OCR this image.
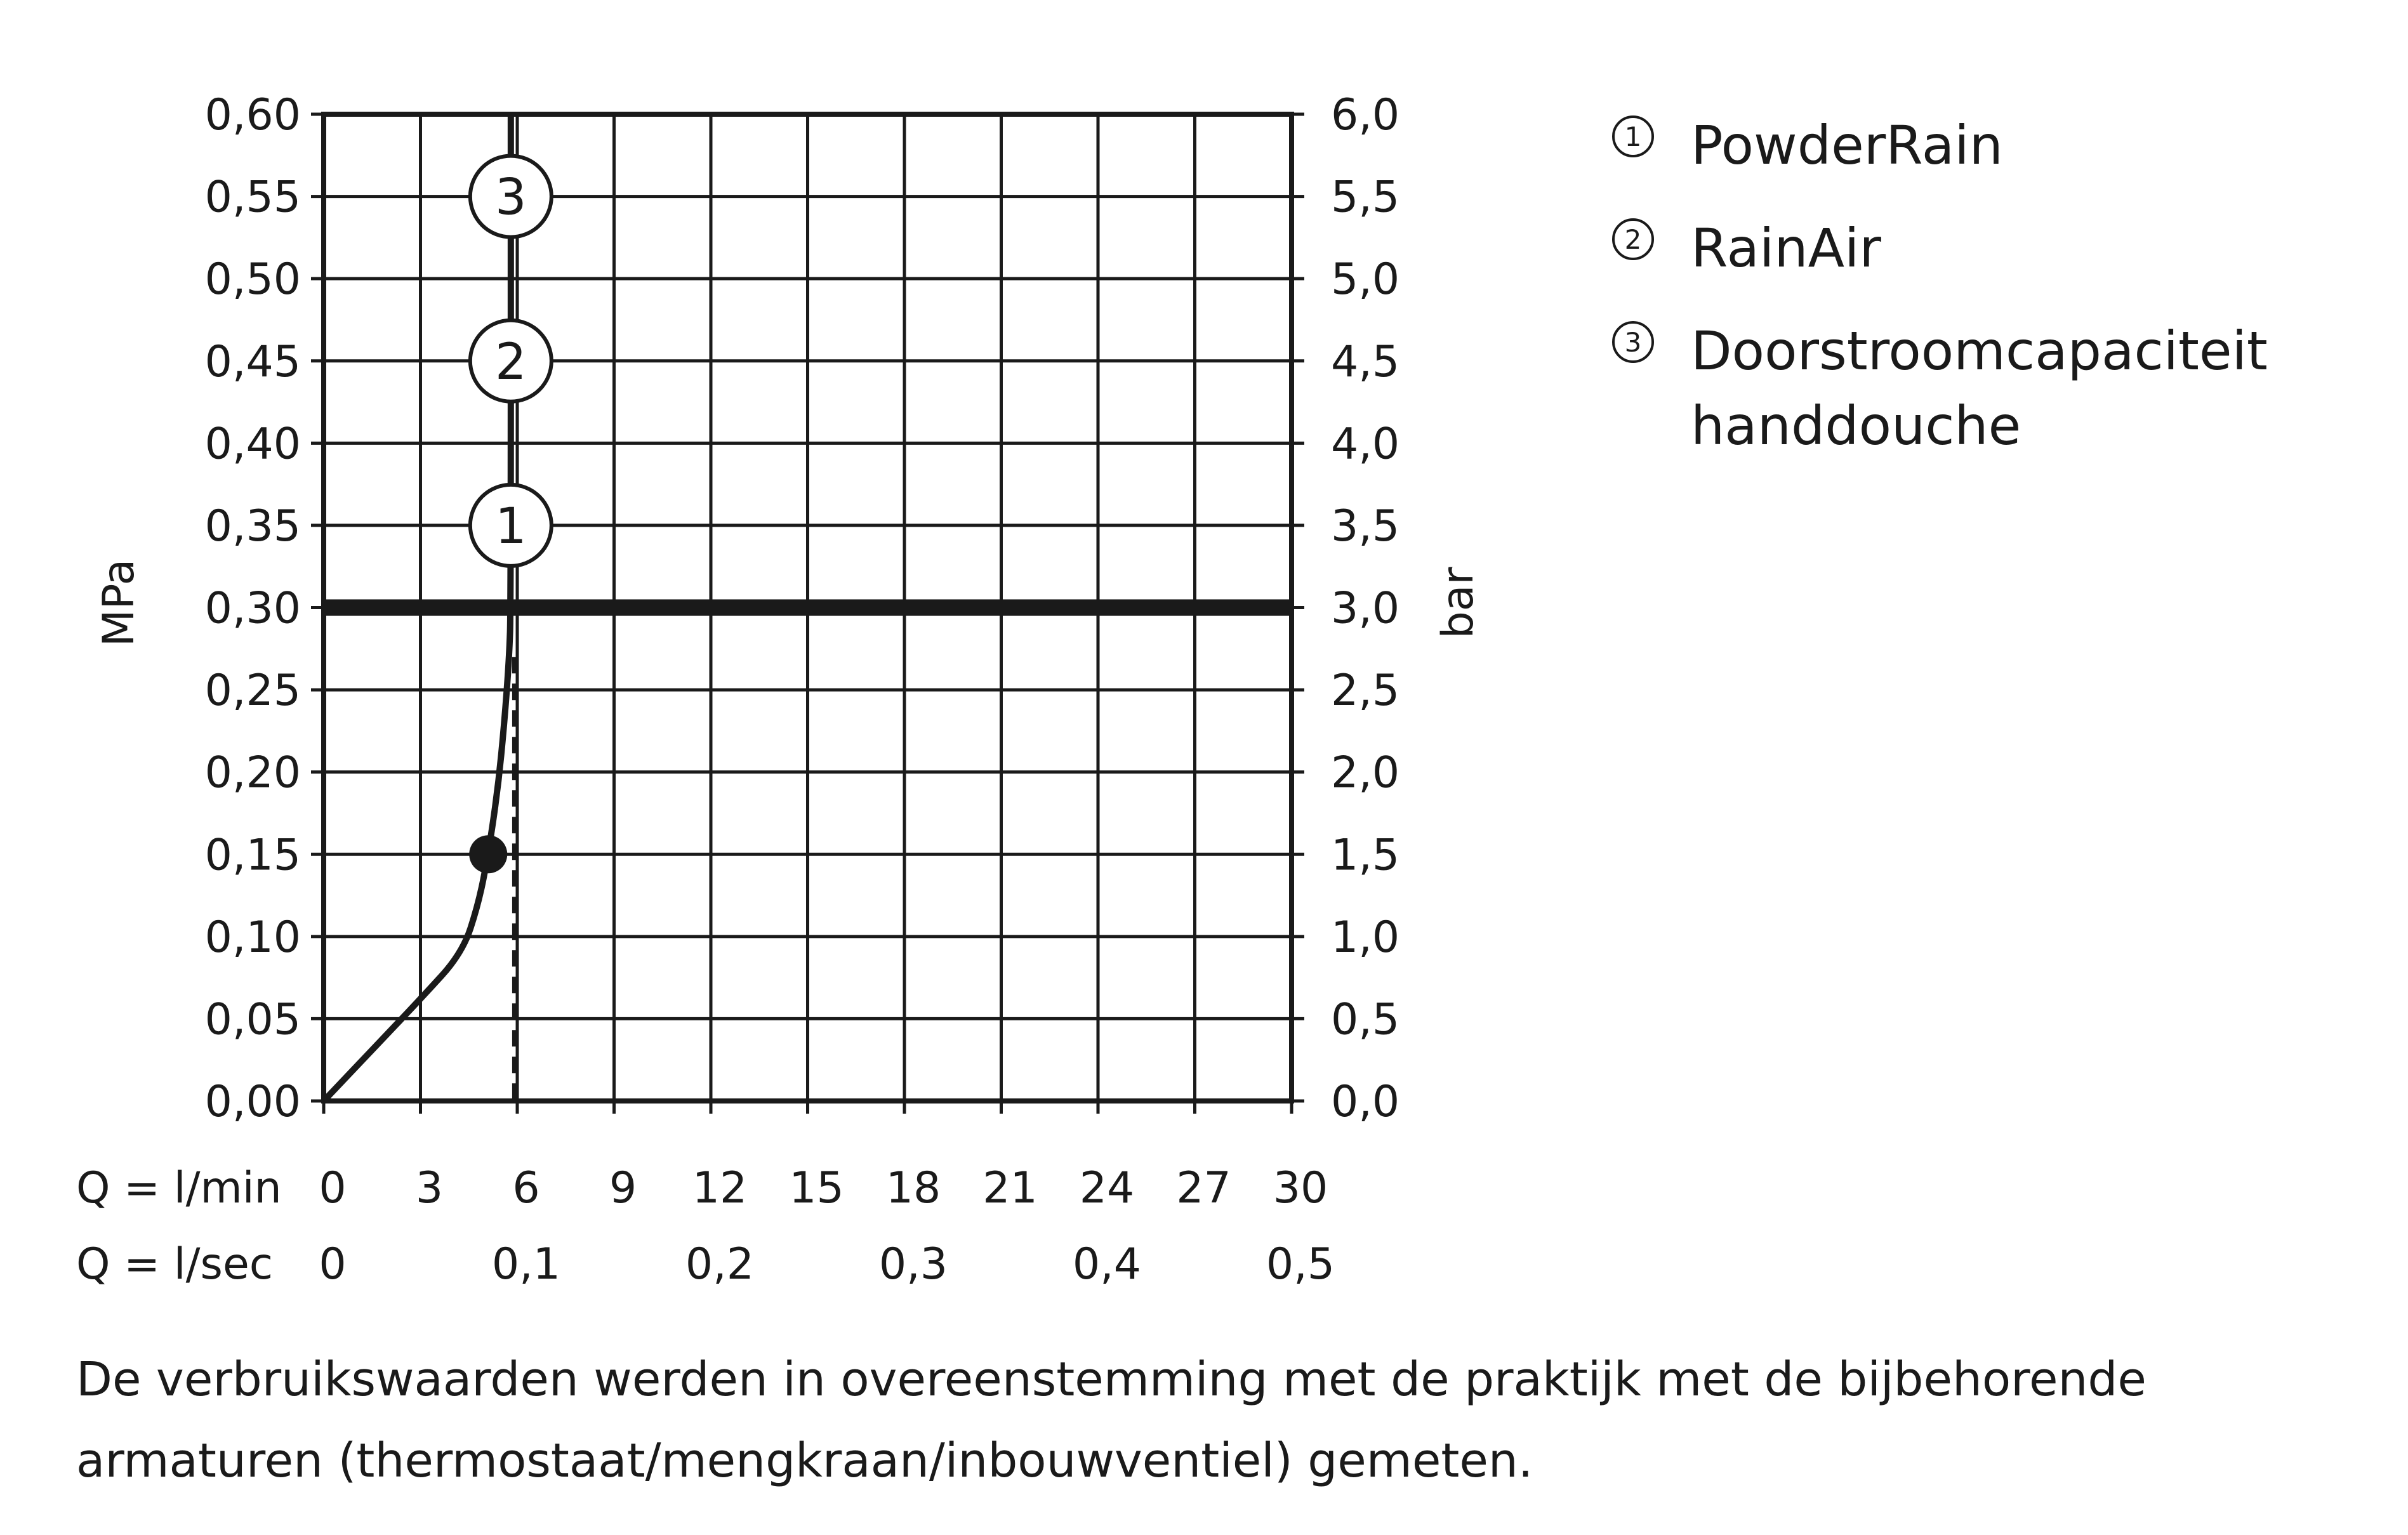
0,00
0,05
0,10
0,15
0,20
0,25
0,30
0,35
0,40
0,45
0,50
0,55
0,60
0,0
0,5
1,0
1,5
2,0
2,5
3,0
3,5
4,0
4,5
5,0
5,5
6,0
0 3 6 9 12 15 18 21 24 27 30
0	0,1	0,2	0,3	0,4	0,5
1
2
3
MPa	bar
Q = l/min
Q = l/sec
1 PowderRain
2 RainAir
3 Doorstroomcapaciteit handdouche
De verbruikswaarden werden in overeenstemming met de praktijk met de bijbehorende armaturen (thermostaat/mengkraan/inbouwventiel) gemeten.
